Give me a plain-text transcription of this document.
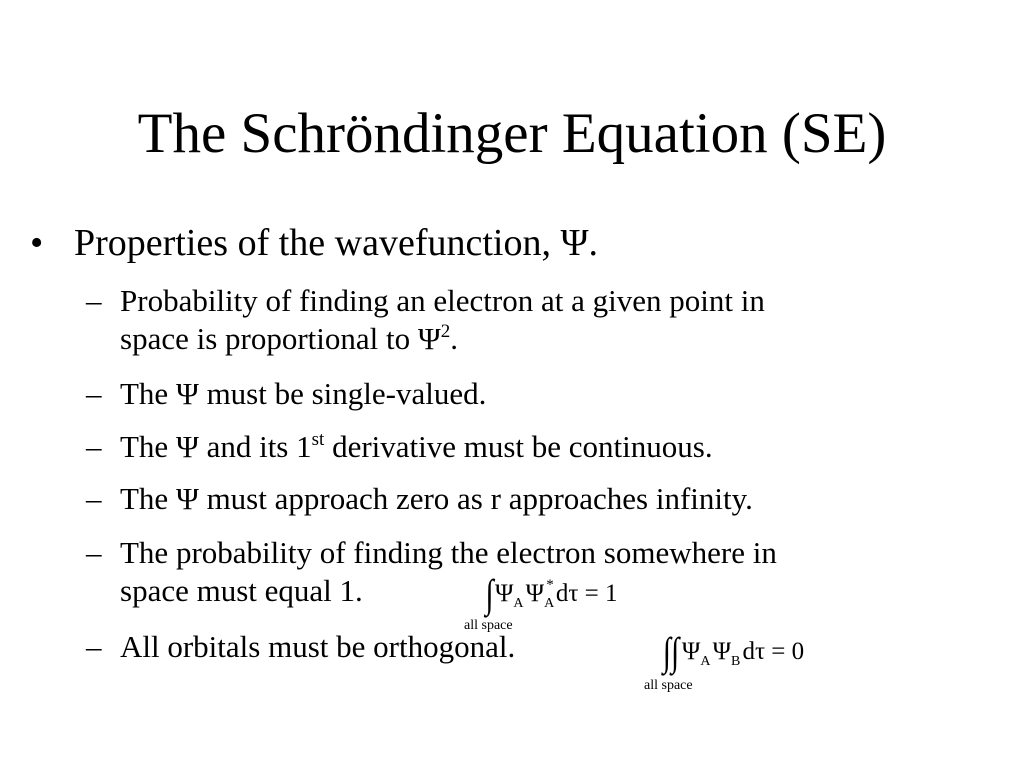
The Schröndinger Equation (SE)
• Properties of the wavefunction, Ψ.
– Probability of finding an electron at a given point in
space is proportional to $\Psi^2$.
– The Ψ must be single-valued.
– The Ψ and its 1st derivative must be continuous.
– The Ψ must approach zero as r approaches infinity.
– The probability of finding the electron somewhere in
space must equal 1.
– All orbitals must be orthogonal.
$\int\Psi_A$ $\Psi_A^*$ dτ = 1
all space
∫∫ $\Psi_A$ $\Psi_B$ dτ = 0
all space
